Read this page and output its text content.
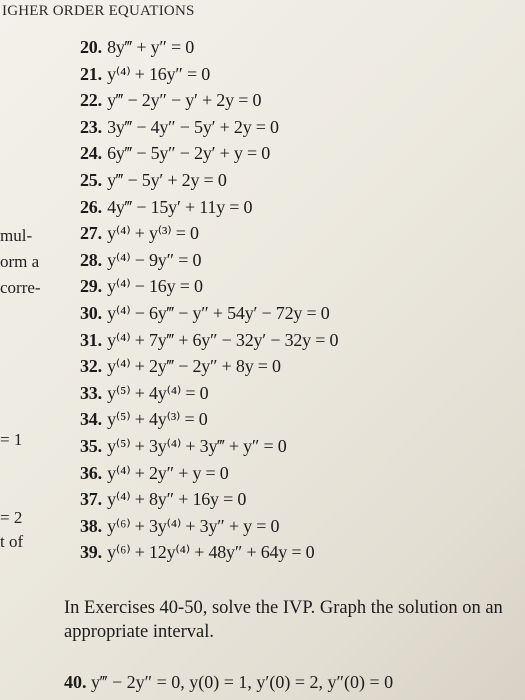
IGHER ORDER EQUATIONS
mul-
orm a
corre-
= 1
= 2
t of
20. 8y‴ + y″ = 0
21. y⁽⁴⁾ + 16y″ = 0
22. y‴ − 2y″ − y′ + 2y = 0
23. 3y‴ − 4y″ − 5y′ + 2y = 0
24. 6y‴ − 5y″ − 2y′ + y = 0
25. y‴ − 5y′ + 2y = 0
26. 4y‴ − 15y′ + 11y = 0
27. y⁽⁴⁾ + y⁽³⁾ = 0
28. y⁽⁴⁾ − 9y″ = 0
29. y⁽⁴⁾ − 16y = 0
30. y⁽⁴⁾ − 6y‴ − y″ + 54y′ − 72y = 0
31. y⁽⁴⁾ + 7y‴ + 6y″ − 32y′ − 32y = 0
32. y⁽⁴⁾ + 2y‴ − 2y″ + 8y = 0
33. y⁽⁵⁾ + 4y⁽⁴⁾ = 0
34. y⁽⁵⁾ + 4y⁽³⁾ = 0
35. y⁽⁵⁾ + 3y⁽⁴⁾ + 3y‴ + y″ = 0
36. y⁽⁴⁾ + 2y″ + y = 0
37. y⁽⁴⁾ + 8y″ + 16y = 0
38. y⁽⁶⁾ + 3y⁽⁴⁾ + 3y″ + y = 0
39. y⁽⁶⁾ + 12y⁽⁴⁾ + 48y″ + 64y = 0
In Exercises 40-50, solve the IVP. Graph the solution on an appropriate interval.
40. y‴ − 2y″ = 0, y(0) = 1, y′(0) = 2, y″(0) = 0
